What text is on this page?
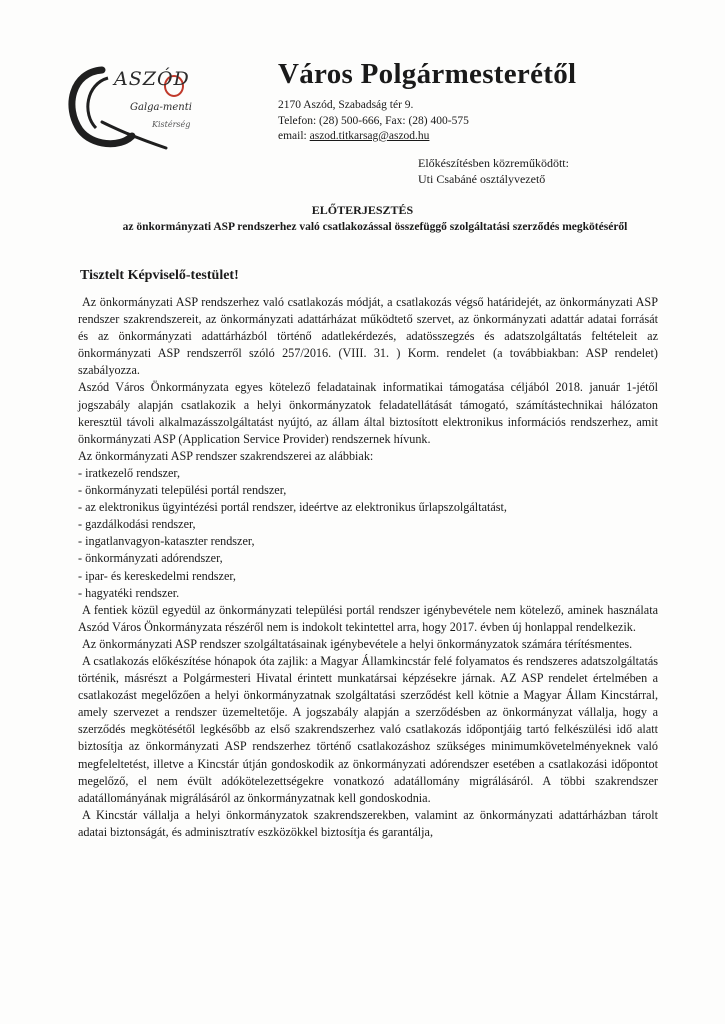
ASZÓD
Galga-menti
Kistérség
Város Polgármesterétől
2170 Aszód, Szabadság tér 9.
Telefon: (28) 500-666, Fax: (28) 400-575
email: aszod.titkarsag@aszod.hu
Előkészítésben közreműködött:
Uti Csabáné osztályvezető
ELŐTERJESZTÉS
az önkormányzati ASP rendszerhez való csatlakozással összefüggő szolgáltatási szerződés megkötéséről
Tisztelt Képviselő-testület!

Az önkormányzati ASP rendszerhez való csatlakozás módját, a csatlakozás végső határidejét, az önkormányzati ASP rendszer szakrendszereit, az önkormányzati adattárházat működtető szervet, az önkormányzati adattár adatai forrását és az önkormányzati adattárházból történő adatlekérdezés, adatösszegzés és adatszolgáltatás feltételeit az önkormányzati ASP rendszerről szóló 257/2016. (VIII. 31. ) Korm. rendelet (a továbbiakban: ASP rendelet) szabályozza.

Aszód Város Önkormányzata egyes kötelező feladatainak informatikai támogatása céljából 2018. január 1-jétől jogszabály alapján csatlakozik a helyi önkormányzatok feladatellátását támogató, számítástechnikai hálózaton keresztül távoli alkalmazásszolgáltatást nyújtó, az állam által biztosított elektronikus információs rendszerhez, amit önkormányzati ASP (Application Service Provider) rendszernek hívunk.

Az önkormányzati ASP rendszer szakrendszerei az alábbiak:

- iratkezelő rendszer,
- önkormányzati települési portál rendszer,
- az elektronikus ügyintézési portál rendszer, ideértve az elektronikus űrlapszolgáltatást,
- gazdálkodási rendszer,
- ingatlanvagyon-kataszter rendszer,
- önkormányzati adórendszer,
- ipar- és kereskedelmi rendszer,
- hagyatéki rendszer.

A fentiek közül egyedül az önkormányzati települési portál rendszer igénybevétele nem kötelező, aminek használata Aszód Város Önkormányzata részéről nem is indokolt tekintettel arra, hogy 2017. évben új honlappal rendelkezik.

Az önkormányzati ASP rendszer szolgáltatásainak igénybevétele a helyi önkormányzatok számára térítésmentes.

A csatlakozás előkészítése hónapok óta zajlik: a Magyar Államkincstár felé folyamatos és rendszeres adatszolgáltatás történik, másrészt a Polgármesteri Hivatal érintett munkatársai képzésekre járnak. AZ ASP rendelet értelmében a csatlakozást megelőzően a helyi önkormányzatnak szolgáltatási szerződést kell kötnie a Magyar Állam Kincstárral, amely szervezet a rendszer üzemeltetője. A jogszabály alapján a szerződésben az önkormányzat vállalja, hogy a szerződés megkötésétől legkésőbb az első szakrendszerhez való csatlakozás időpontjáig tartó felkészülési idő alatt biztosítja az önkormányzati ASP rendszerhez történő csatlakozáshoz szükséges minimumkövetelményeknek való megfeleltetést, illetve a Kincstár útján gondoskodik az önkormányzati adórendszer esetében a csatlakozási időpontot megelőző, el nem évült adókötelezettségekre vonatkozó adatállomány migrálásáról. A többi szakrendszer adatállományának migrálásáról az önkormányzatnak kell gondoskodnia.

A Kincstár vállalja a helyi önkormányzatok szakrendszerekben, valamint az önkormányzati adattárházban tárolt adatai biztonságát, és adminisztratív eszközökkel biztosítja és garantálja,
